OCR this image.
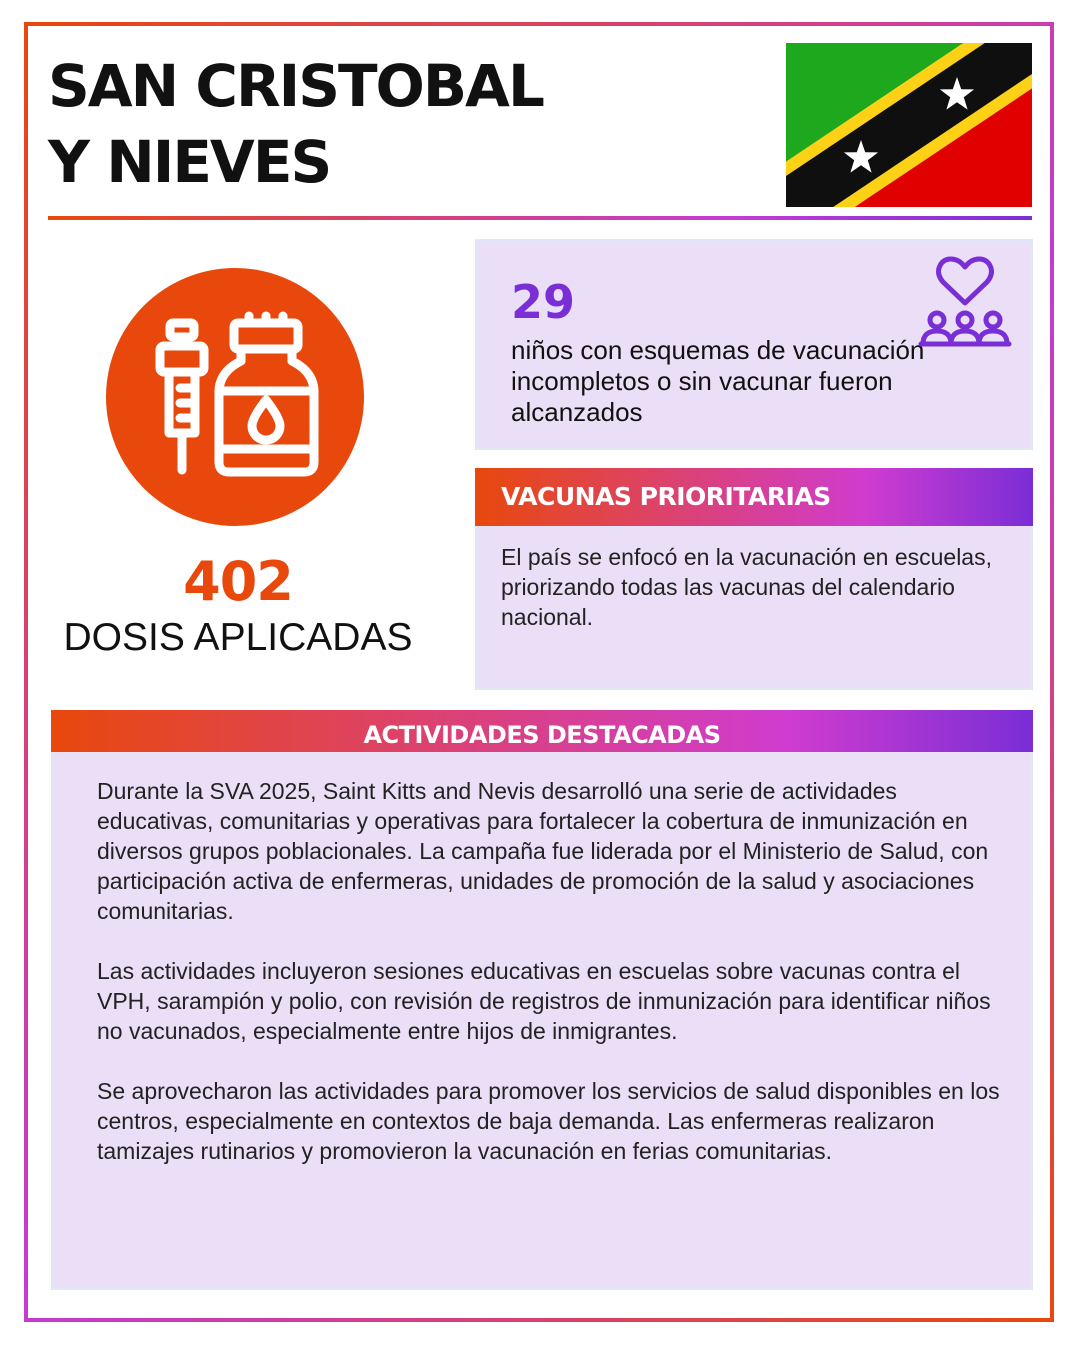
SAN CRISTOBAL
Y NIEVES
402
DOSIS APLICADAS
29
niños con esquemas de vacunación incompletos o sin vacunar fueron alcanzados
VACUNAS PRIORITARIAS

El país se enfocó en la vacunación en escuelas, priorizando todas las vacunas del calendario nacional.

ACTIVIDADES DESTACADAS

Durante la SVA 2025, Saint Kitts and Nevis desarrolló una serie de actividades educativas, comunitarias y operativas para fortalecer la cobertura de inmunización en diversos grupos poblacionales. La campaña fue liderada por el Ministerio de Salud, con participación activa de enfermeras, unidades de promoción de la salud y asociaciones comunitarias.

Las actividades incluyeron sesiones educativas en escuelas sobre vacunas contra el VPH, sarampión y polio, con revisión de registros de inmunización para identificar niños no vacunados, especialmente entre hijos de inmigrantes.

Se aprovecharon las actividades para promover los servicios de salud disponibles en los centros, especialmente en contextos de baja demanda. Las enfermeras realizaron tamizajes rutinarios y promovieron la vacunación en ferias comunitarias.
